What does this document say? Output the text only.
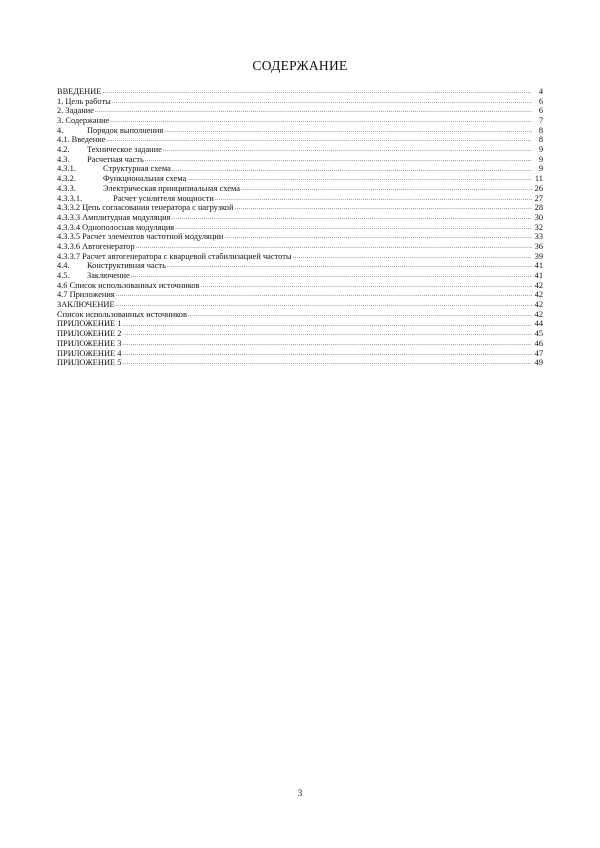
СОДЕРЖАНИЕ
ВВЕДЕНИЕ .....	4
1. Цель работы .....	6
2. Задание .....	6
3. Содержание .....	7
4.	Порядок выполнения .....	8
4.1. Введение .....	8
4.2.	Техническое задание .....	9
4.3.	Расчетная часть .....	9
4.3.1.	Структурная схема .....	9
4.3.2.	Функциональная схема .....	11
4.3.3.	Электрическая принципиальная схема .....	26
4.3.3.1.	Расчет усилителя мощности .....	27
4.3.3.2 Цепь согласования генератора с нагрузкой .....	28
4.3.3.3 Амплитудная модуляция .....	30
4.3.3.4 Однополосная модуляция .....	32
4.3.3.5 Расчет элементов частотной модуляции .....	33
4.3.3.6 Автогенератор .....	36
4.3.3.7 Расчет автогенератора с кварцевой стабилизацией частоты .....	39
4.4.	Конструктивная часть .....	41
4.5.	Заключение .....	41
4.6 Список использованных источников .....	42
4.7 Приложения .....	42
ЗАКЛЮЧЕНИЕ .....	42
Список использованных источников .....	42
ПРИЛОЖЕНИЕ 1 .....	44
ПРИЛОЖЕНИЕ 2 .....	45
ПРИЛОЖЕНИЕ 3 .....	46
ПРИЛОЖЕНИЕ 4 .....	47
ПРИЛОЖЕНИЕ 5 .....	49
3
